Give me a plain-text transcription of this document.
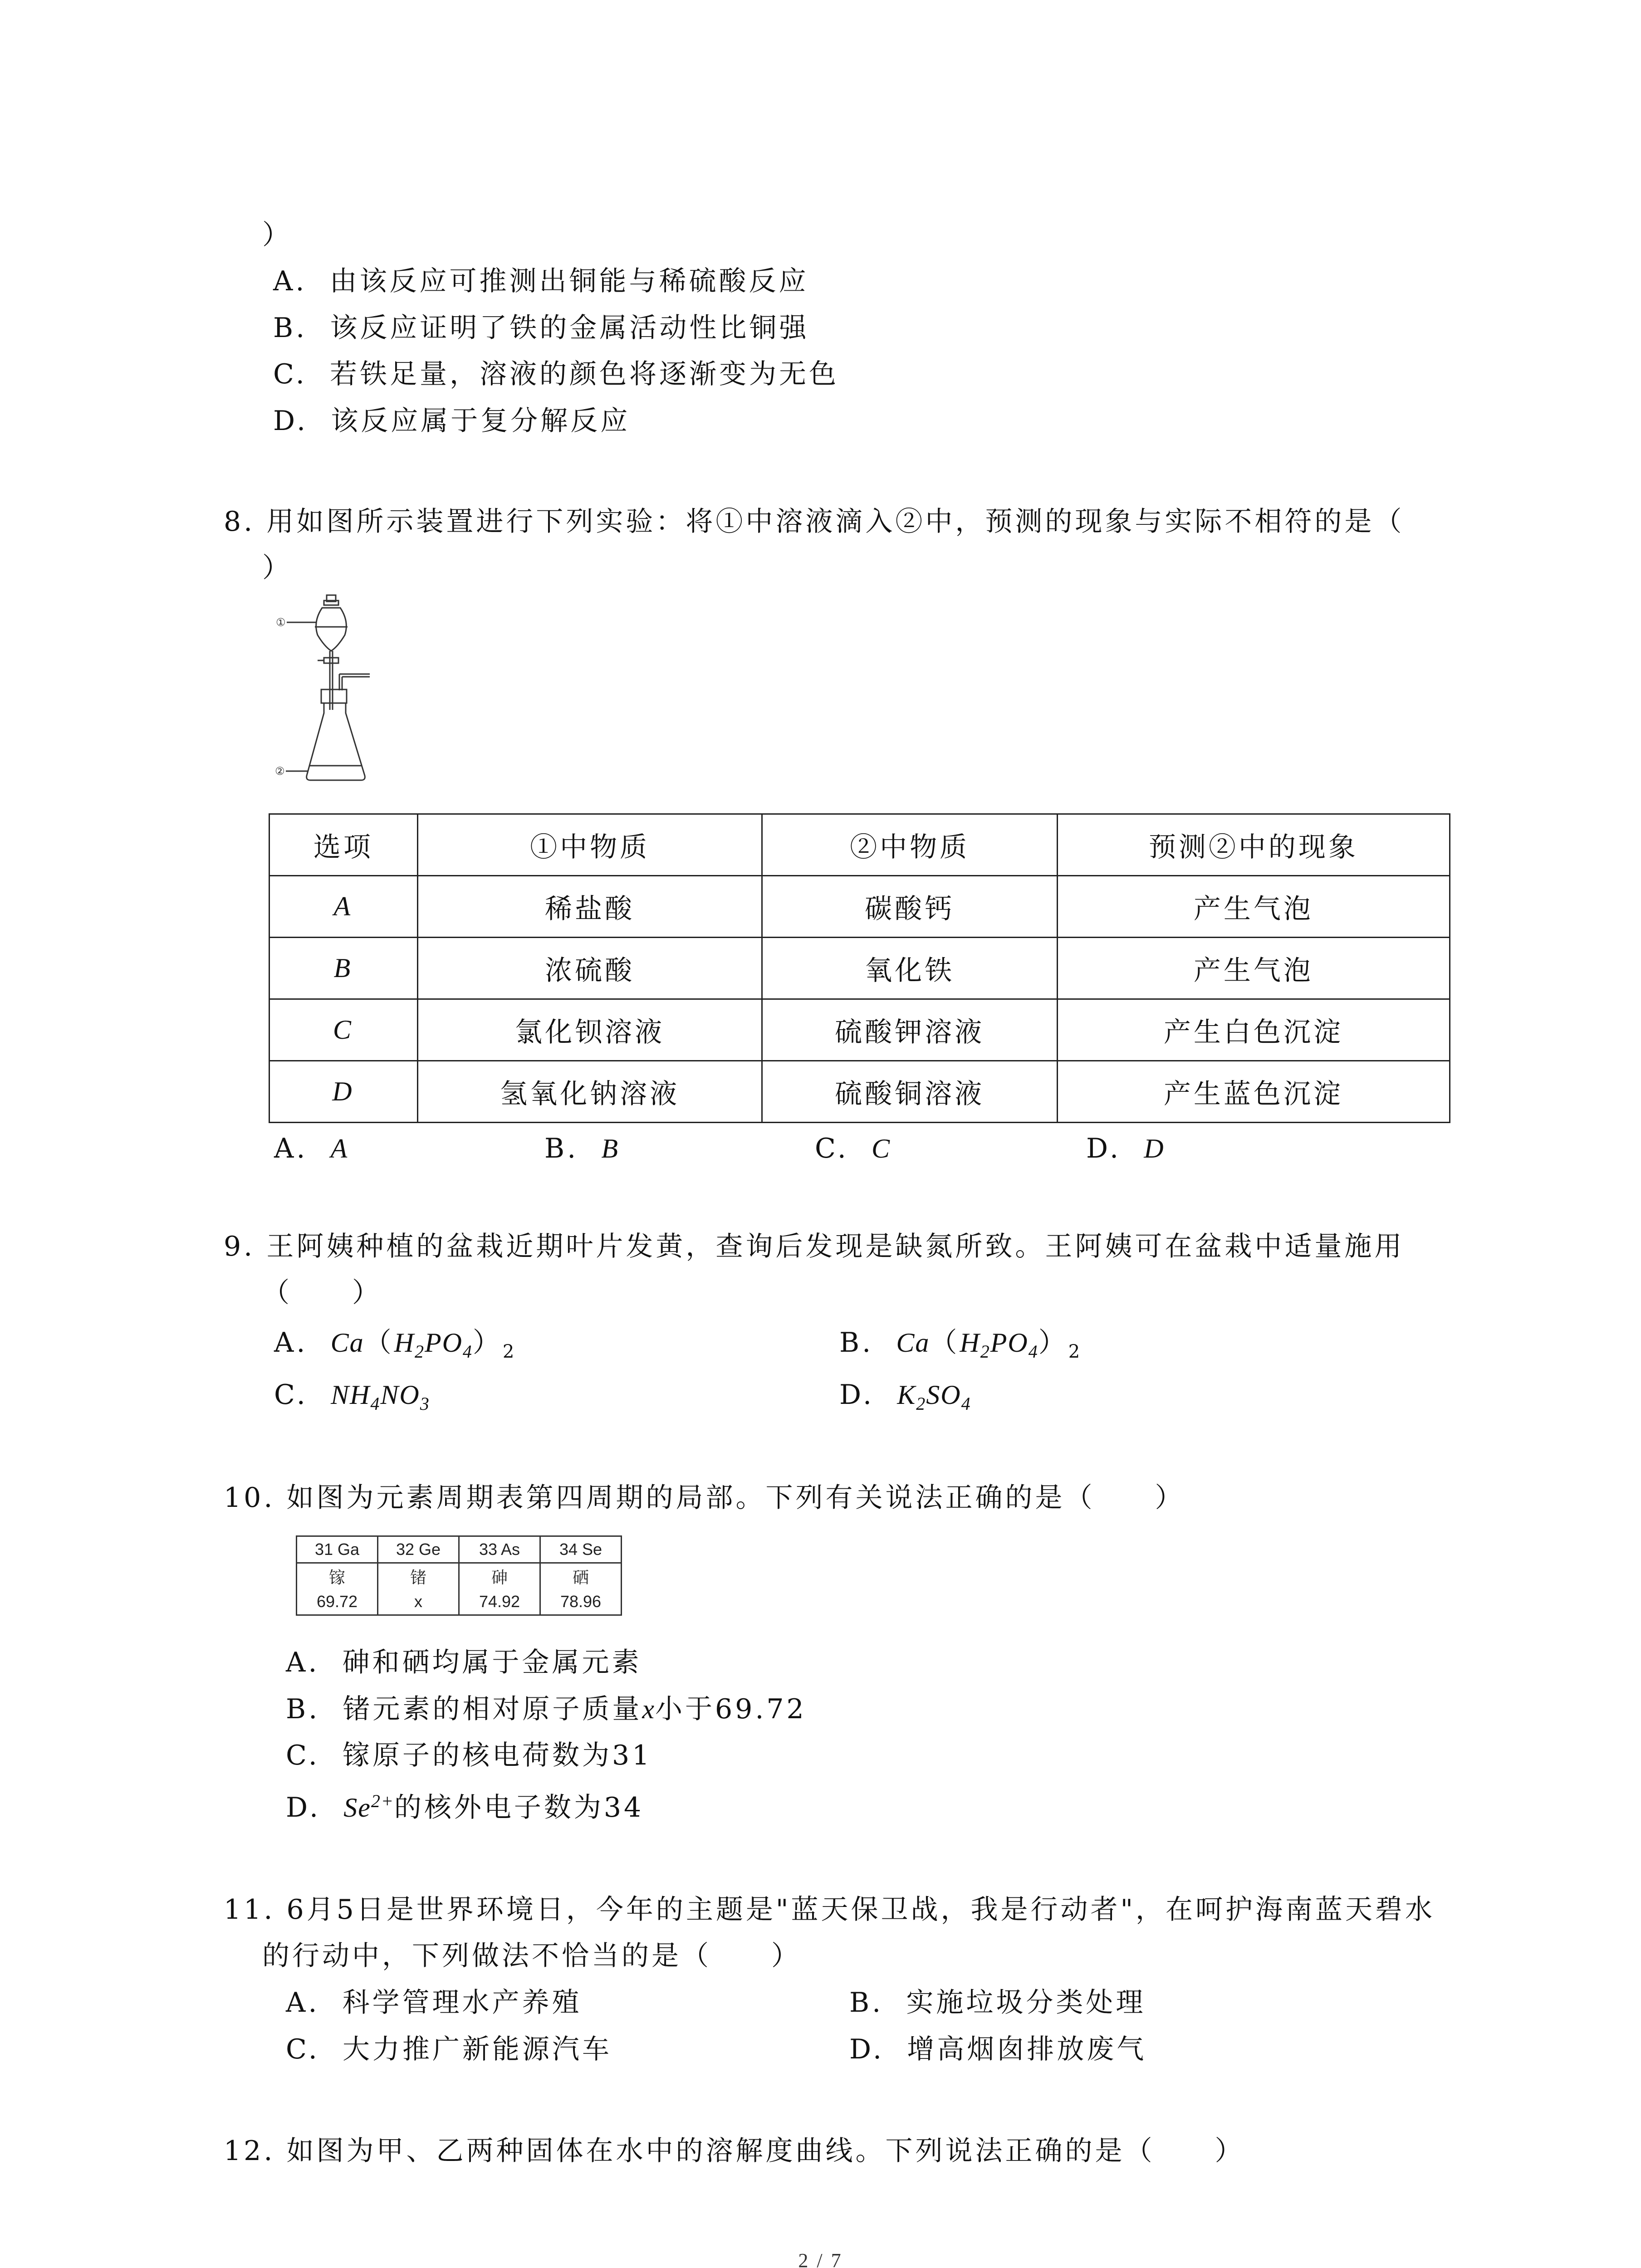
）
A. 由该反应可推测出铜能与稀硫酸反应
B. 该反应证明了铁的金属活动性比铜强
C. 若铁足量，溶液的颜色将逐渐变为无色
D. 该反应属于复分解反应
8. 用如图所示装置进行下列实验：将①中溶液滴入②中，预测的现象与实际不相符的是（
）
①
②
选项	①中物质	②中物质	预测②中的现象
A	稀盐酸	碳酸钙	产生气泡
B	浓硫酸	氧化铁	产生气泡
C	氯化钡溶液	硫酸钾溶液	产生白色沉淀
D	氢氧化钠溶液	硫酸铜溶液	产生蓝色沉淀
A. A	B. B	C. C	D. D
9. 王阿姨种植的盆栽近期叶片发黄，查询后发现是缺氮所致。王阿姨可在盆栽中适量施用
（　　）
A. $Ca(H_2PO_4)_2$	B. $Ca(H_2PO_4)_2$
C. $NH_4NO_3$	D. $K_2SO_4$
10. 如图为元素周期表第四周期的局部。下列有关说法正确的是（　　）
31 Ga	32 Ge	33 As	34 Se
镓	锗	砷	硒
69.72	x	74.92	78.96
A. 砷和硒均属于金属元素
B. 锗元素的相对原子质量x小于69.72
C. 镓原子的核电荷数为31
D. $Se^{2+}$的核外电子数为34
11. 6月5日是世界环境日，今年的主题是"蓝天保卫战，我是行动者"，在呵护海南蓝天碧水
的行动中，下列做法不恰当的是（　　）
A. 科学管理水产养殖	B. 实施垃圾分类处理
C. 大力推广新能源汽车	D. 增高烟囱排放废气
12. 如图为甲、乙两种固体在水中的溶解度曲线。下列说法正确的是（　　）
2 / 7
